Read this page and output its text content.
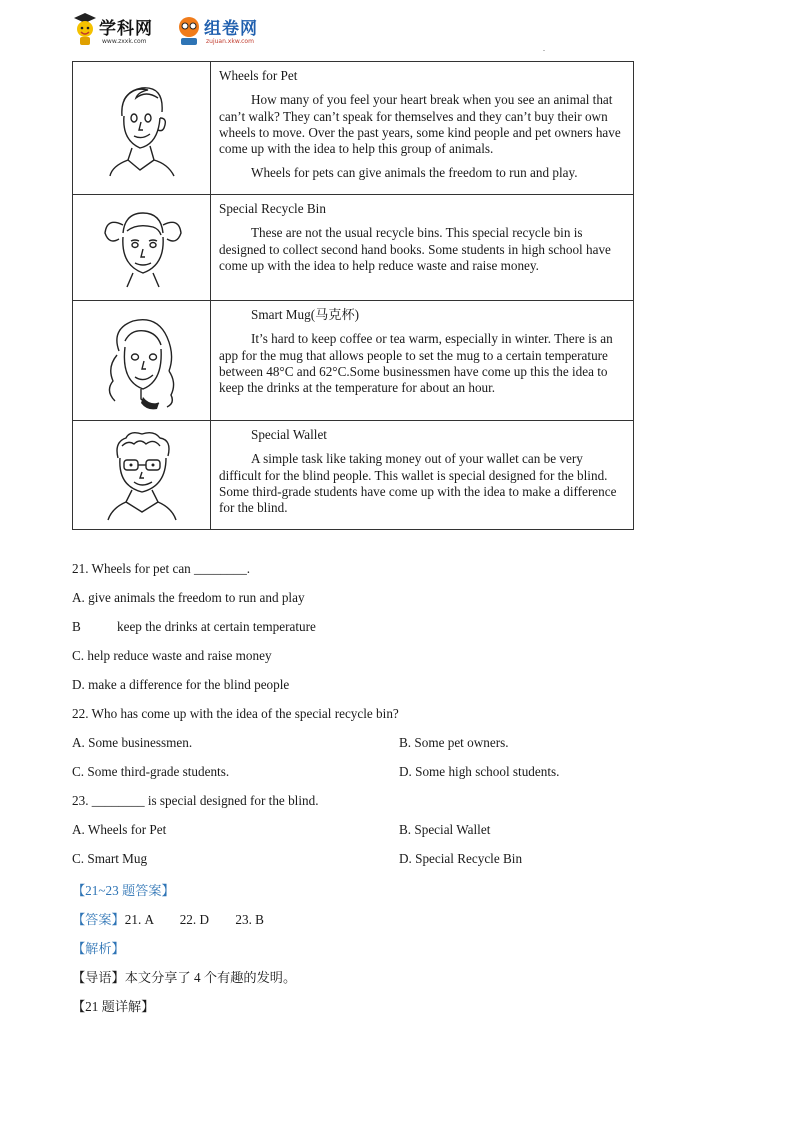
学科网
www.zxxk.com
组卷网
zujuan.xkw.com
.
Wheels for Pet

How many of you feel your heart break when you see an animal that can’t walk? They can’t speak for themselves and they can’t buy their own wheels to move. Over the past years, some kind people and pet owners have come up with the idea to help this group of animals.

Wheels for pets can give animals the freedom to run and play.

Special Recycle Bin

These are not the usual recycle bins. This special recycle bin is designed to collect second hand books. Some students in high school have come up with the idea to help reduce waste and raise money.

Smart Mug(马克杯)

It’s hard to keep coffee or tea warm, especially in winter. There is an app for the mug that allows people to set the mug to a certain temperature between 48°C and 62°C.Some businessmen have come up this the idea to keep the drinks at the temperature for about an hour.

Special Wallet

A simple task like taking money out of your wallet can be very difficult for the blind people. This wallet is special designed for the blind. Some third-grade students have come up with the idea to make a difference for the blind.

21. Wheels for pet can ________.
A. give animals the freedom to run and play
B	keep the drinks at certain temperature
C. help reduce waste and raise money
D. make a difference for the blind people
22. Who has come up with the idea of the special recycle bin?
A. Some businessmen.	B. Some pet owners.
C. Some third-grade students.	D. Some high school students.
23. ________ is special designed for the blind.
A. Wheels for Pet	B. Special Wallet
C. Smart Mug	D. Special Recycle Bin
【21~23 题答案】
【答案】21. A        22. D        23. B
【解析】
【导语】本文分享了 4 个有趣的发明。
【21 题详解】
